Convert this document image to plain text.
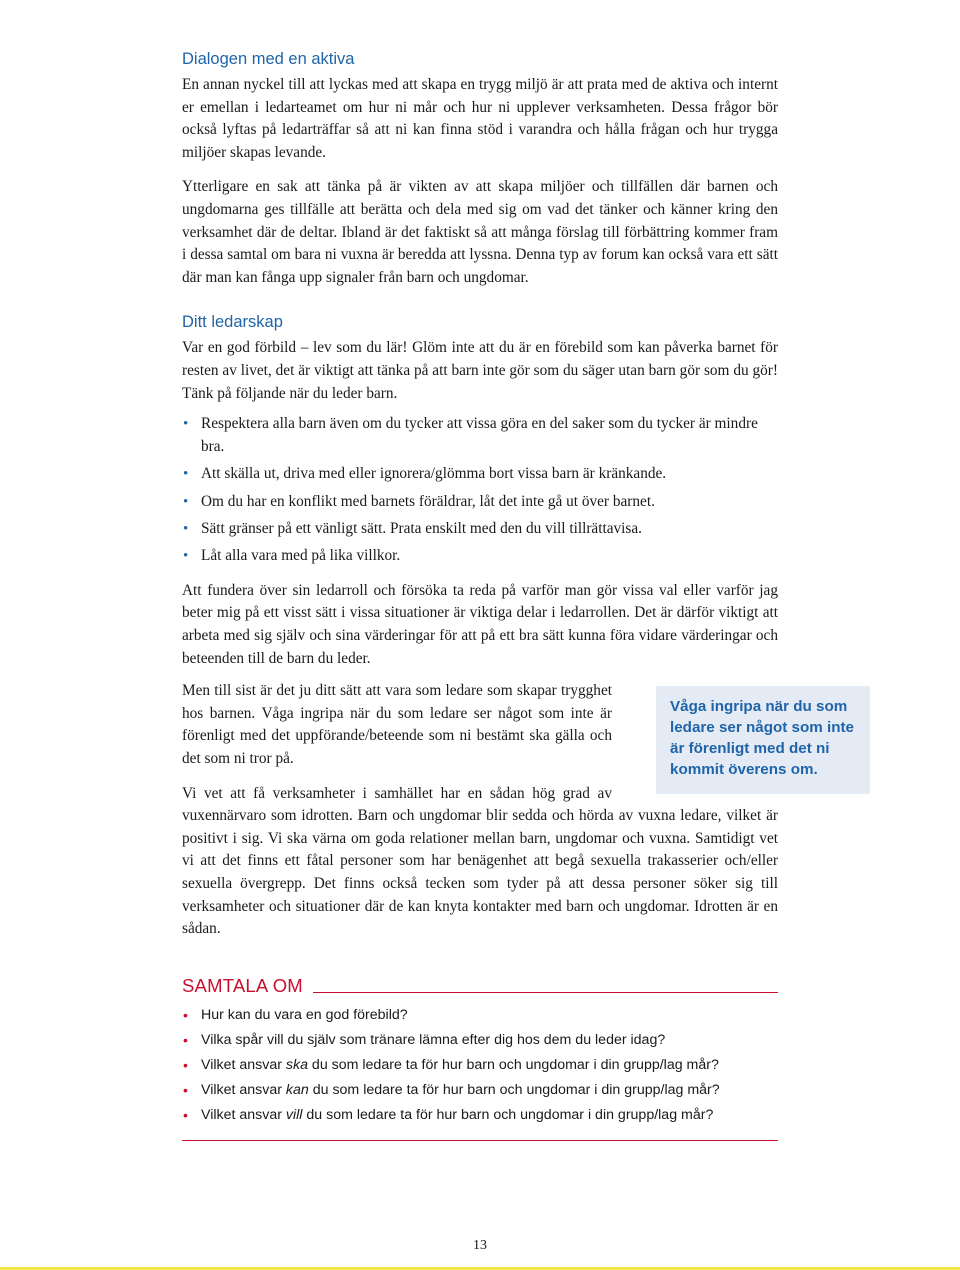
Dialogen med en aktiva

En annan nyckel till att lyckas med att skapa en trygg miljö är att prata med de aktiva och internt er emellan i ledarteamet om hur ni mår och hur ni upplever verksamheten. Dessa frågor bör också lyftas på ledarträffar så att ni kan finna stöd i varandra och hålla frågan och hur trygga miljöer skapas levande.

Ytterligare en sak att tänka på är vikten av att skapa miljöer och tillfällen där barnen och ungdomarna ges tillfälle att berätta och dela med sig om vad det tänker och känner kring den verksamhet där de deltar. Ibland är det faktiskt så att många förslag till förbättring kommer fram i dessa samtal om bara ni vuxna är beredda att lyssna. Denna typ av forum kan också vara ett sätt där man kan fånga upp signaler från barn och ungdomar.

Ditt ledarskap

Var en god förbild – lev som du lär! Glöm inte att du är en förebild som kan påverka barnet för resten av livet, det är viktigt att tänka på att barn inte gör som du säger utan barn gör som du gör! Tänk på följande när du leder barn.

• Respektera alla barn även om du tycker att vissa göra en del saker som du tycker är mindre bra.
• Att skälla ut, driva med eller ignorera/glömma bort vissa barn är kränkande.
• Om du har en konflikt med barnets föräldrar, låt det inte gå ut över barnet.
• Sätt gränser på ett vänligt sätt. Prata enskilt med den du vill tillrättavisa.
• Låt alla vara med på lika villkor.

Att fundera över sin ledarroll och försöka ta reda på varför man gör vissa val eller varför jag beter mig på ett visst sätt i vissa situationer är viktiga delar i ledarrollen. Det är därför viktigt att arbeta med sig själv och sina värderingar för att på ett bra sätt kunna föra vidare värderingar och beteenden till de barn du leder.

Våga ingripa när du som ledare ser något som inte är förenligt med det ni kommit överens om.

Men till sist är det ju ditt sätt att vara som ledare som skapar trygghet hos barnen. Våga ingripa när du som ledare ser något som inte är förenligt med det uppförande/beteende som ni bestämt ska gälla och det som ni tror på.

Vi vet att få verksamheter i samhället har en sådan hög grad av vuxennärvaro som idrotten. Barn och ungdomar blir sedda och hörda av vuxna ledare, vilket är positivt i sig. Vi ska värna om goda relationer mellan barn, ungdomar och vuxna. Samtidigt vet vi att det finns ett fåtal personer som har benägenhet att begå sexuella trakasserier och/eller sexuella övergrepp. Det finns också tecken som tyder på att dessa personer söker sig till verksamheter och situationer där de kan knyta kontakter med barn och ungdomar. Idrotten är en sådan.

SAMTALA OM
• Hur kan du vara en god förebild?
• Vilka spår vill du själv som tränare lämna efter dig hos dem du leder idag?
• Vilket ansvar ska du som ledare ta för hur barn och ungdomar i din grupp/lag mår?
• Vilket ansvar kan du som ledare ta för hur barn och ungdomar i din grupp/lag mår?
• Vilket ansvar vill du som ledare ta för hur barn och ungdomar i din grupp/lag mår?
13
